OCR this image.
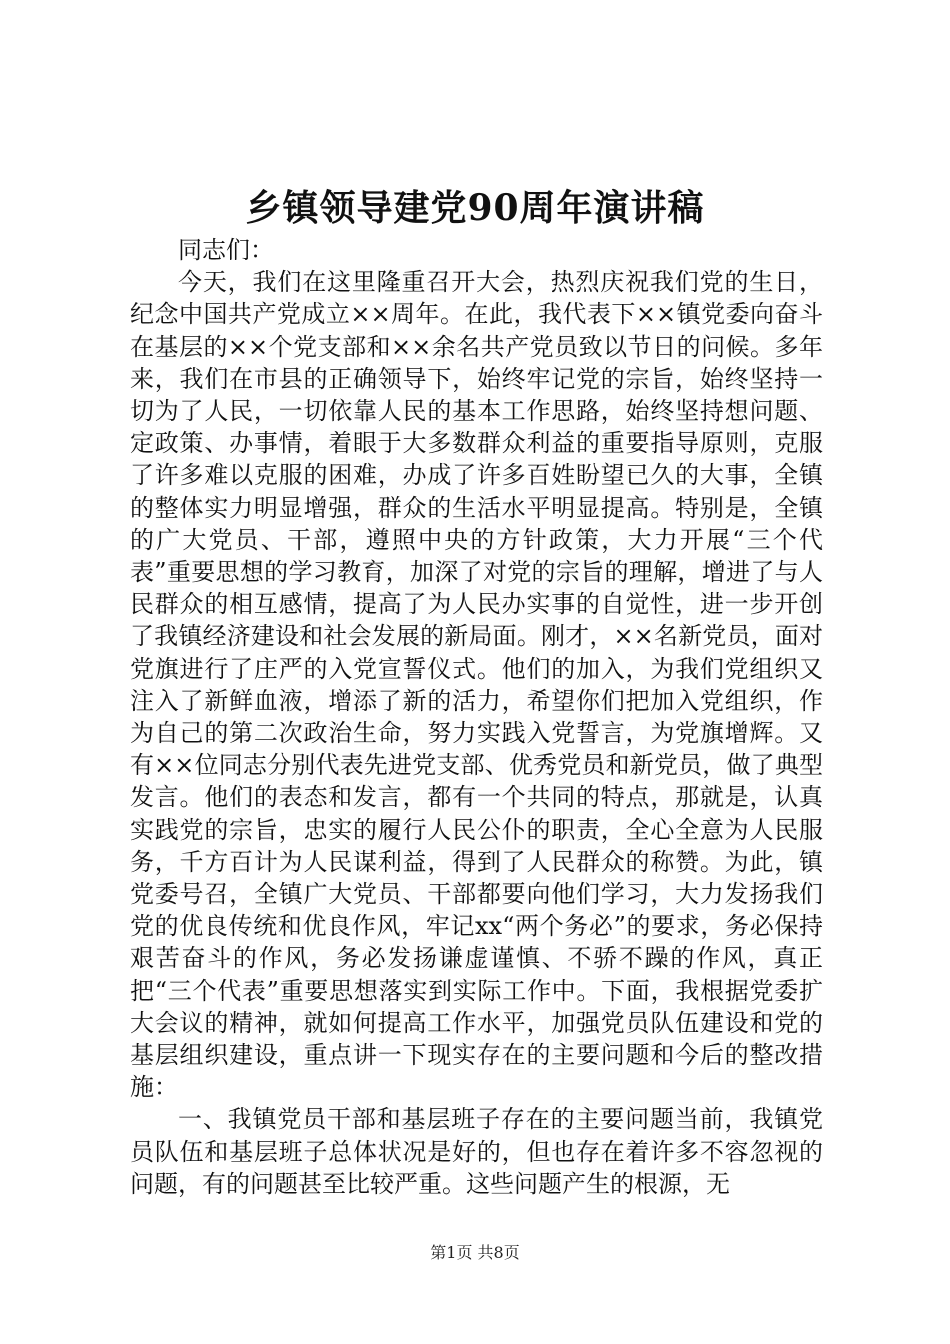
乡镇领导建党90周年演讲稿

同志们：

今天，我们在这里隆重召开大会，热烈庆祝我们党的生日，纪念中国共产党成立××周年。在此，我代表下××镇党委向奋斗在基层的××个党支部和××余名共产党员致以节日的问候。多年来，我们在市县的正确领导下，始终牢记党的宗旨，始终坚持一切为了人民，一切依靠人民的基本工作思路，始终坚持想问题、定政策、办事情，着眼于大多数群众利益的重要指导原则，克服了许多难以克服的困难，办成了许多百姓盼望已久的大事，全镇的整体实力明显增强，群众的生活水平明显提高。特别是，全镇的广大党员、干部，遵照中央的方针政策，大力开展“三个代表”重要思想的学习教育，加深了对党的宗旨的理解，增进了与人民群众的相互感情，提高了为人民办实事的自觉性，进一步开创了我镇经济建设和社会发展的新局面。刚才，××名新党员，面对党旗进行了庄严的入党宣誓仪式。他们的加入，为我们党组织又注入了新鲜血液，增添了新的活力，希望你们把加入党组织，作为自己的第二次政治生命，努力实践入党誓言，为党旗增辉。又有××位同志分别代表先进党支部、优秀党员和新党员，做了典型发言。他们的表态和发言，都有一个共同的特点，那就是，认真实践党的宗旨，忠实的履行人民公仆的职责，全心全意为人民服务，千方百计为人民谋利益，得到了人民群众的称赞。为此，镇党委号召，全镇广大党员、干部都要向他们学习，大力发扬我们党的优良传统和优良作风，牢记xx“两个务必”的要求，务必保持艰苦奋斗的作风，务必发扬谦虚谨慎、不骄不躁的作风，真正把“三个代表”重要思想落实到实际工作中。下面，我根据党委扩大会议的精神，就如何提高工作水平，加强党员队伍建设和党的基层组织建设，重点讲一下现实存在的主要问题和今后的整改措施：

一、我镇党员干部和基层班子存在的主要问题当前，我镇党员队伍和基层班子总体状况是好的，但也存在着许多不容忽视的问题，有的问题甚至比较严重。这些问题产生的根源，无

第1页 共8页
